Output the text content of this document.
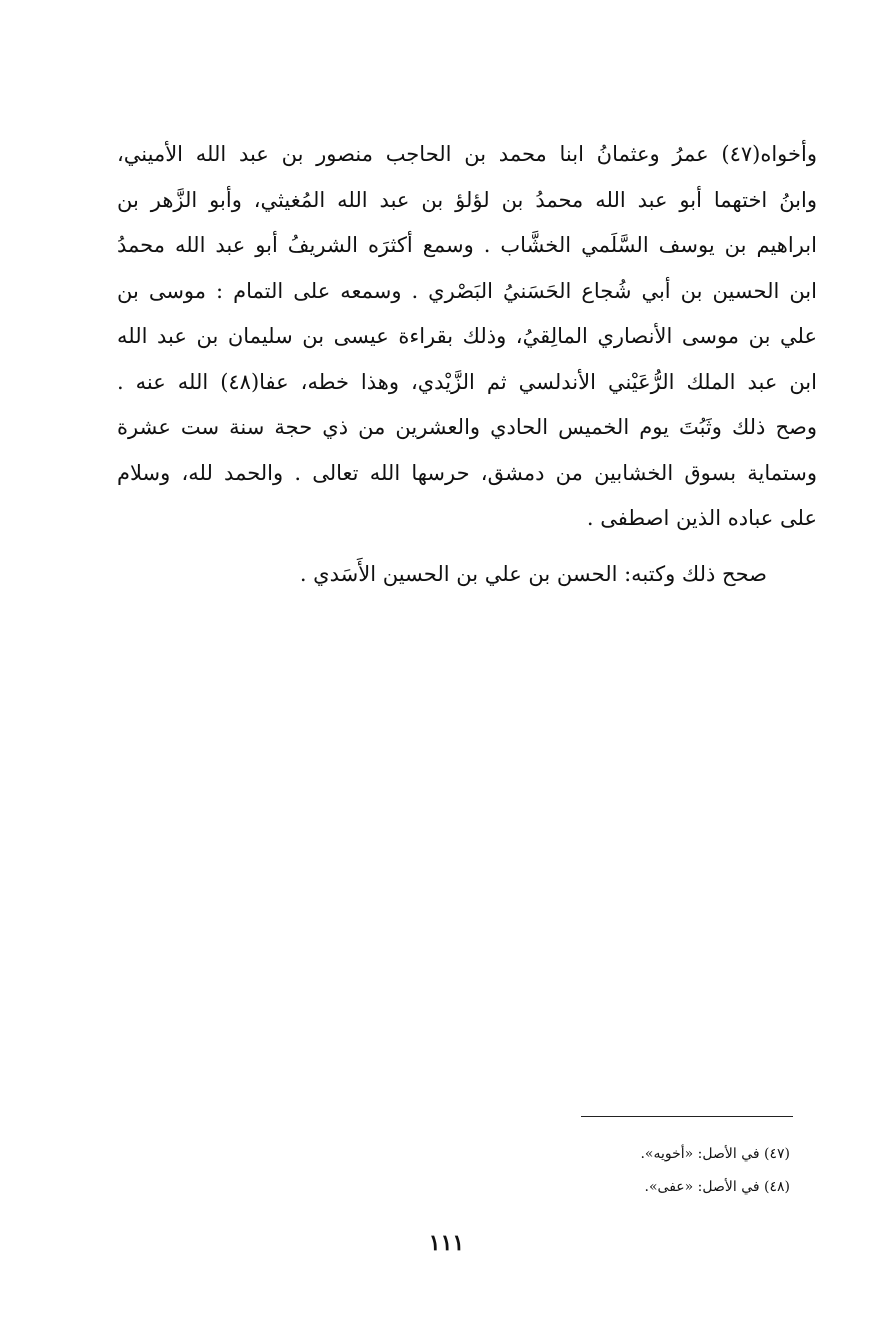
وأخواه(٤٧) عمرُ وعثمانُ ابنا محمد بن الحاجب منصور بن عبد الله الأميني،
وابنُ اختهما أبو عبد الله محمدُ بن لؤلؤ بن عبد الله المُغيثي، وأبو الزَّهر بن
ابراهيم بن يوسف السَّلَمي الخشَّاب . وسمع أكثرَه الشريفُ أبو عبد الله محمدُ
ابن الحسين بن أبي شُجاع الحَسَنيُ البَصْري . وسمعه على التمام : موسى بن
علي بن موسى الأنصاري المالِقيُ، وذلك بقراءة عيسى بن سليمان بن عبد الله
ابن عبد الملك الرُّعَيْني الأندلسي ثم الزَّيْدي، وهذا خطه، عفا(٤٨) الله عنه .
وصح ذلك وثَبُتَ يوم الخميس الحادي والعشرين من ذي حجة سنة ست عشرة
وستماية بسوق الخشابين من دمشق، حرسها الله تعالى . والحمد لله، وسلام
على عباده الذين اصطفى .
صحح ذلك وكتبه: الحسن بن علي بن الحسين الأَسَدي .
(٤٧) في الأصل: «أخويه».
(٤٨) في الأصل: «عفى».
١١١
